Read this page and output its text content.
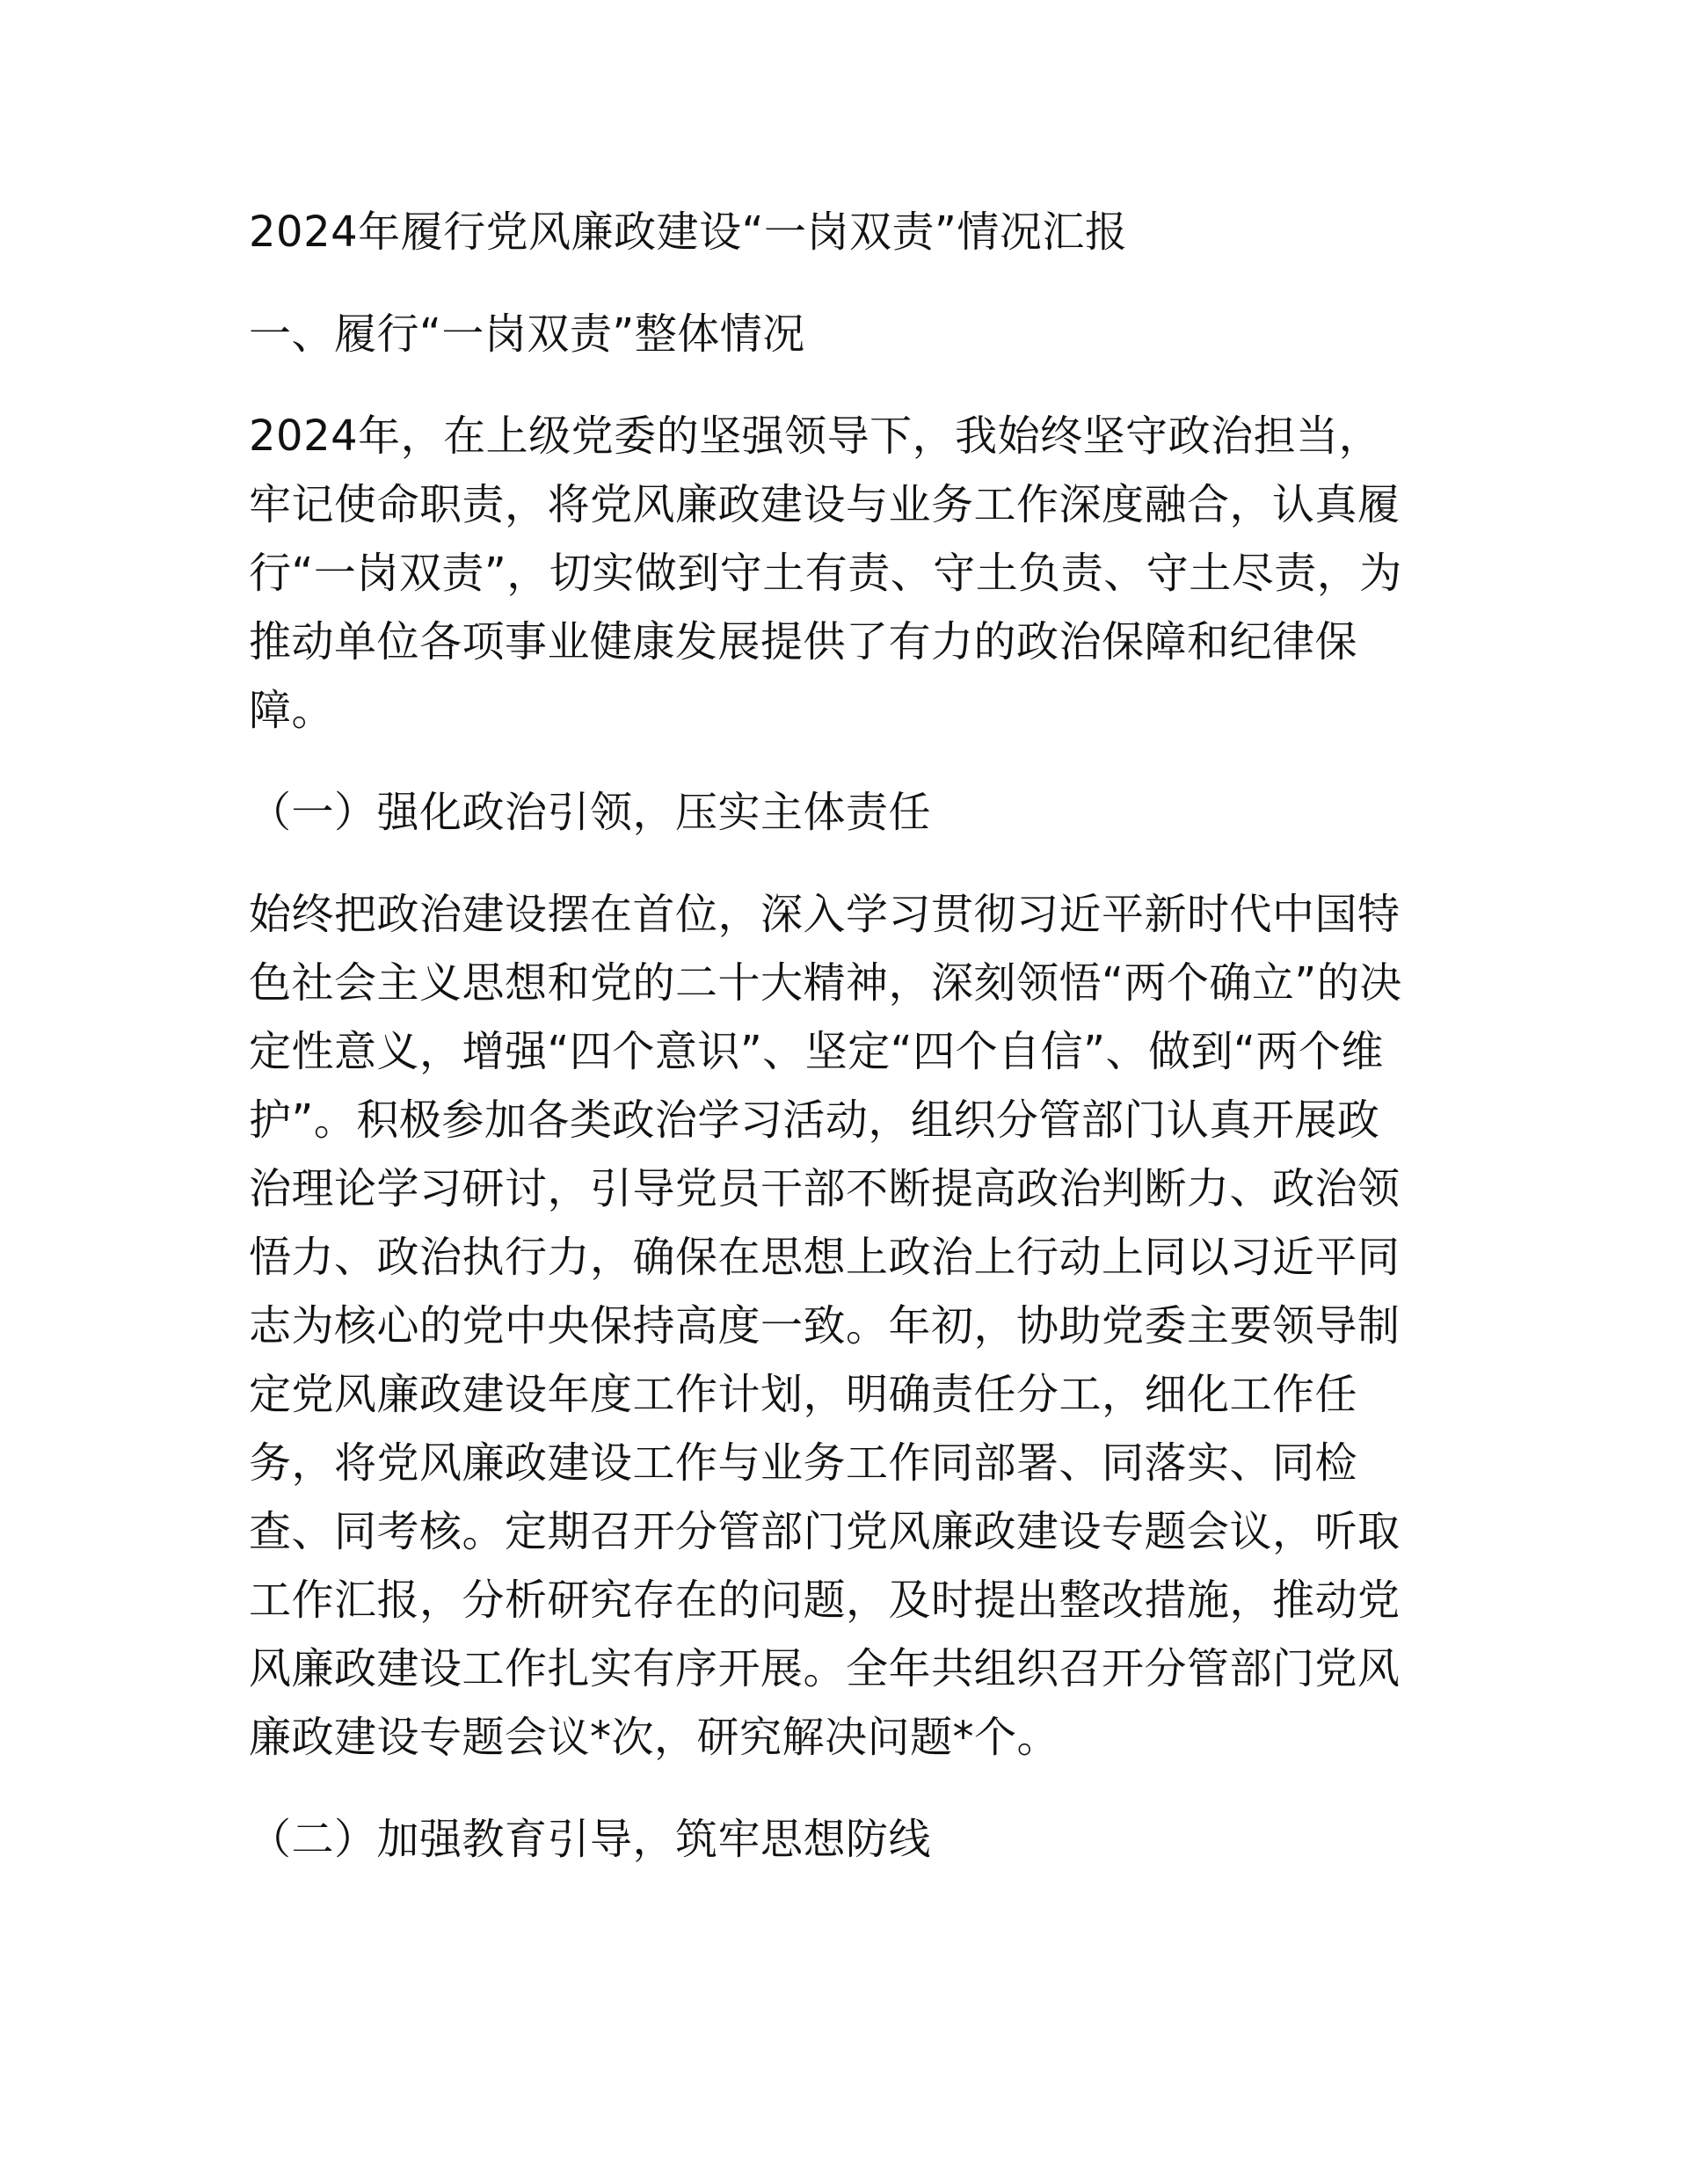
2024年履行党风廉政建设“一岗双责”情况汇报

一、履行“一岗双责”整体情况

2024年，在上级党委的坚强领导下，我始终坚守政治担当，
牢记使命职责，将党风廉政建设与业务工作深度融合，认真履
行“一岗双责”，切实做到守土有责、守土负责、守土尽责，为
推动单位各项事业健康发展提供了有力的政治保障和纪律保
障。

（一）强化政治引领，压实主体责任

始终把政治建设摆在首位，深入学习贯彻习近平新时代中国特
色社会主义思想和党的二十大精神，深刻领悟“两个确立”的决
定性意义，增强“四个意识”、坚定“四个自信”、做到“两个维
护”。积极参加各类政治学习活动，组织分管部门认真开展政
治理论学习研讨，引导党员干部不断提高政治判断力、政治领
悟力、政治执行力，确保在思想上政治上行动上同以习近平同
志为核心的党中央保持高度一致。年初，协助党委主要领导制
定党风廉政建设年度工作计划，明确责任分工，细化工作任
务，将党风廉政建设工作与业务工作同部署、同落实、同检
查、同考核。定期召开分管部门党风廉政建设专题会议，听取
工作汇报，分析研究存在的问题，及时提出整改措施，推动党
风廉政建设工作扎实有序开展。全年共组织召开分管部门党风
廉政建设专题会议*次，研究解决问题*个。

（二）加强教育引导，筑牢思想防线
